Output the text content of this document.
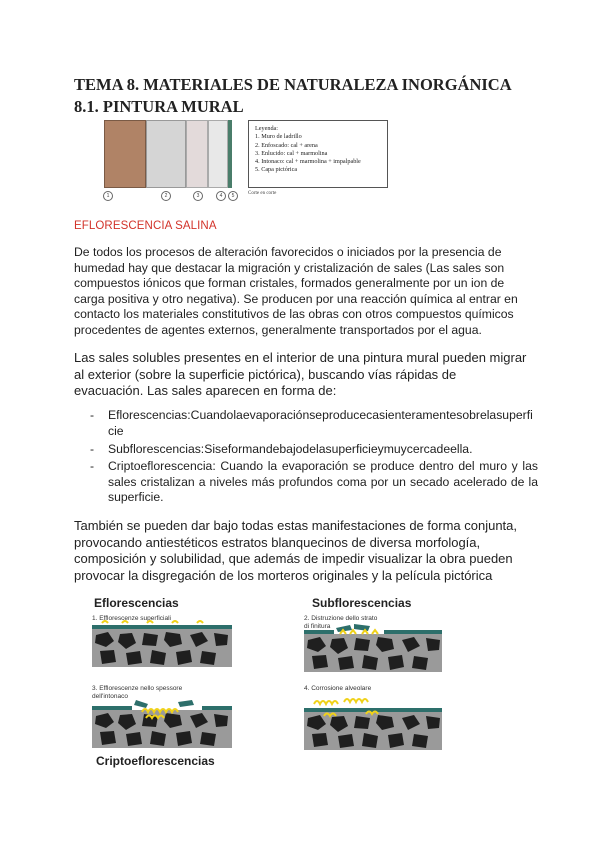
TEMA 8. MATERIALES DE NATURALEZA INORGÁNICA
8.1. PINTURA MURAL
1	2	3	4	5
Leyenda:
1. Muro de ladrillo
2. Enfoscado: cal + arena
3. Enlucido: cal + marmolina
4. Intonaco: cal + marmolina + impalpable
5. Capa pictórica
Corte en corte
EFLORESCENCIA SALINA
De todos los procesos de alteración favorecidos o iniciados por la presencia de humedad hay que destacar la migración y cristalización de sales (Las sales son compuestos iónicos que forman cristales, formados generalmente por un ion de carga positiva y otro negativa). Se producen por una reacción química al entrar en contacto los materiales constitutivos de las obras con otros compuestos químicos procedentes de agentes externos, generalmente transportados por el agua.
Las sales solubles presentes en el interior de una pintura mural pueden migrar al exterior (sobre la superficie pictórica), buscando vías rápidas de evacuación. Las sales aparecen en forma de:
- Eflorescencias:Cuandolaevaporaciónseproducecasienteramentesobrelasuperficie
- Subflorescencias:Siseformandebajodelasuperficieymuycercadeella.
- Criptoeflorescencia: Cuando la evaporación se produce dentro del muro y las sales cristalizan a niveles más profundos coma por un secado acelerado de la superficie.
También se pueden dar bajo todas estas manifestaciones de forma conjunta, provocando antiestéticos estratos blanquecinos de diversa morfología, composición y solubilidad, que además de impedir visualizar la obra pueden provocar la disgregación de los morteros originales y la película pictórica
Eflorescencias	Subflorescencias
1. Efflorescenze superficiali	2. Distruzione dello strato
di finitura
3. Efflorescenze nello spessore
dell'intonaco
4. Corrosione alveolare
Criptoeflorescencias
